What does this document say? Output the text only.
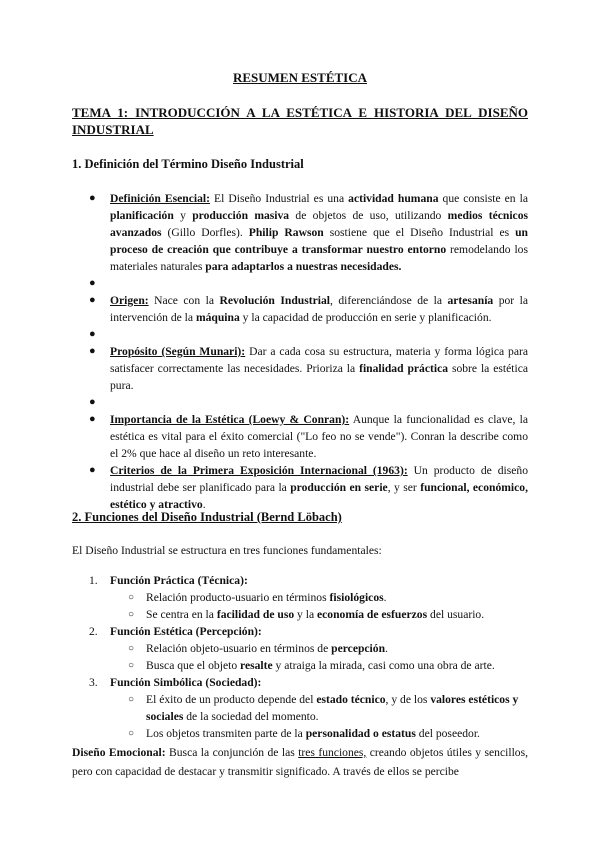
RESUMEN ESTÉTICA
TEMA 1: INTRODUCCIÓN A LA ESTÉTICA E HISTORIA DEL DISEÑO INDUSTRIAL
1. Definición del Término Diseño Industrial

● Definición Esencial: El Diseño Industrial es una actividad humana que consiste en la planificación y producción masiva de objetos de uso, utilizando medios técnicos avanzados (Gillo Dorfles). Philip Rawson sostiene que el Diseño Industrial es un proceso de creación que contribuye a transformar nuestro entorno remodelando los materiales naturales para adaptarlos a nuestras necesidades.

●

● Origen: Nace con la Revolución Industrial, diferenciándose de la artesanía por la intervención de la máquina y la capacidad de producción en serie y planificación.

●

● Propósito (Según Munari): Dar a cada cosa su estructura, materia y forma lógica para satisfacer correctamente las necesidades. Prioriza la finalidad práctica sobre la estética pura.

●

● Importancia de la Estética (Loewy & Conran): Aunque la funcionalidad es clave, la estética es vital para el éxito comercial ("Lo feo no se vende"). Conran la describe como el 2% que hace al diseño un reto interesante.

● Criterios de la Primera Exposición Internacional (1963): Un producto de diseño industrial debe ser planificado para la producción en serie, y ser funcional, económico, estético y atractivo.

2. Funciones del Diseño Industrial (Bernd Löbach)
El Diseño Industrial se estructura en tres funciones fundamentales:

1. Función Práctica (Técnica):

○ Relación producto-usuario en términos fisiológicos.

○ Se centra en la facilidad de uso y la economía de esfuerzos del usuario.

2. Función Estética (Percepción):

○ Relación objeto-usuario en términos de percepción.

○ Busca que el objeto resalte y atraiga la mirada, casi como una obra de arte.

3. Función Simbólica (Sociedad):

○ El éxito de un producto depende del estado técnico, y de los valores estéticos y sociales de la sociedad del momento.

○ Los objetos transmiten parte de la personalidad o estatus del poseedor.

Diseño Emocional: Busca la conjunción de las tres funciones, creando objetos útiles y sencillos, pero con capacidad de destacar y transmitir significado. A través de ellos se percibe
